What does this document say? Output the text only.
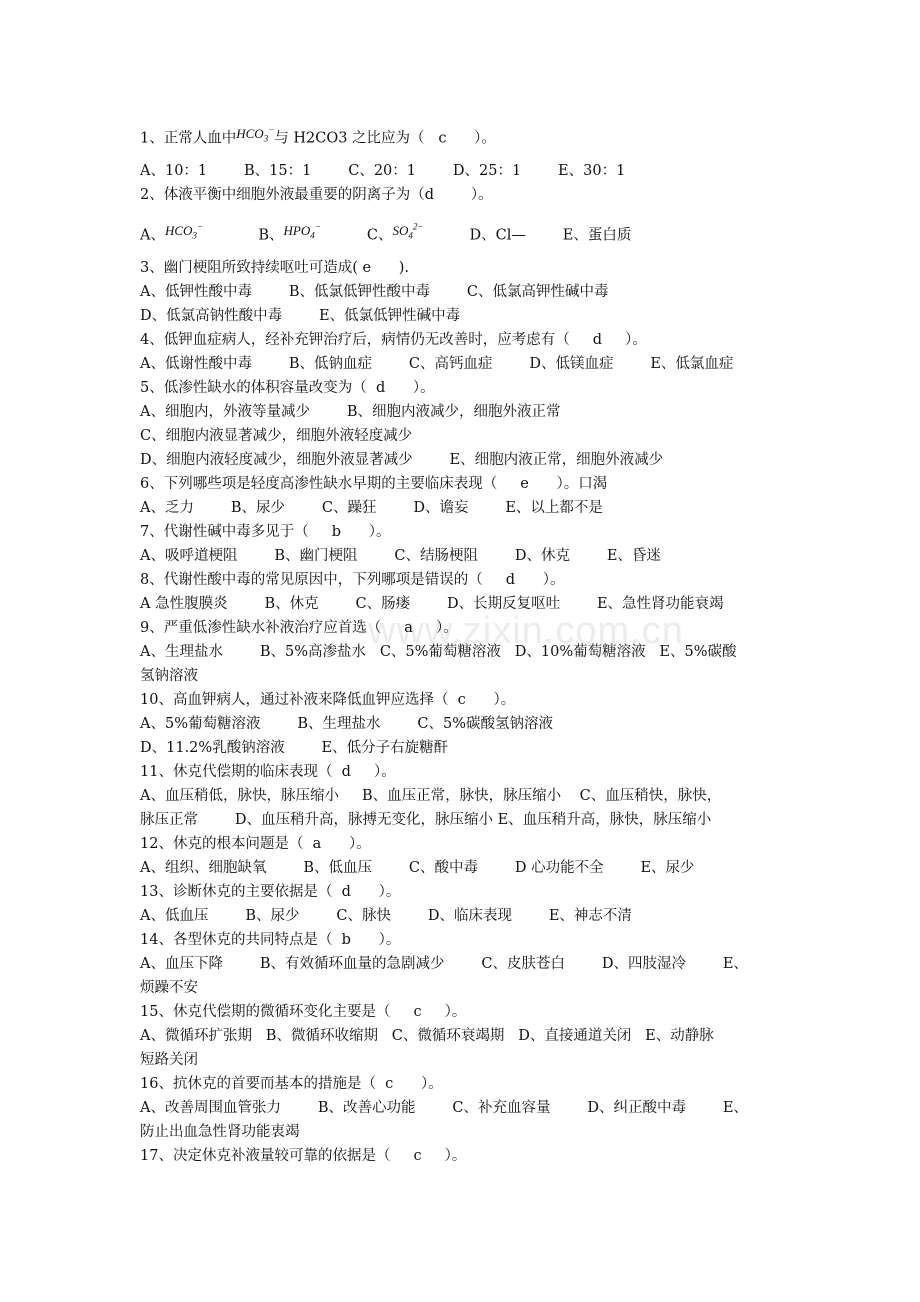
www.zixin.com.cn
1、正常人血中$HCO_3^-$与 H2CO3 之比应为（   c      ）。
A、10：1        B、15：1        C、20：1        D、25：1        E、30：1
2、体液平衡中细胞外液最重要的阴离子为（d        ）。
A、$HCO_3^-$            B、$HPO_4^-$          C、$SO_4^{2-}$          D、Cl—        E、蛋白质
3、幽门梗阻所致持续呕吐可造成( e      ).
A、低钾性酸中毒        B、低氯低钾性酸中毒        C、低氯高钾性碱中毒
D、低氯高钠性酸中毒        E、低氯低钾性碱中毒
4、低钾血症病人，经补充钾治疗后，病情仍无改善时，应考虑有（     d     ）。
A、低谢性酸中毒        B、低钠血症        C、高钙血症        D、低镁血症        E、低氯血症
5、低渗性缺水的体积容量改变为（  d      ）。
A、细胞内，外液等量减少        B、细胞内液减少，细胞外液正常
C、细胞内液显著减少，细胞外液轻度减少
D、细胞内液轻度减少，细胞外液显著减少        E、细胞内液正常，细胞外液减少
6、下列哪些项是轻度高渗性缺水早期的主要临床表现（     e      ）。口渴
A、乏力        B、尿少        C、躁狂        D、谵妄        E、以上都不是
7、代谢性碱中毒多见于（     b      ）。
A、吸呼道梗阻        B、幽门梗阻        C、结肠梗阻        D、休克        E、昏迷
8、代谢性酸中毒的常见原因中，下列哪项是错误的（     d      ）。
A 急性腹膜炎        B、休克        C、肠瘘        D、长期反复呕吐        E、急性肾功能衰竭
9、严重低渗性缺水补液治疗应首选（     a     ）。
A、生理盐水        B、5%高渗盐水   C、5%葡萄糖溶液   D、10%葡萄糖溶液   E、5%碳酸
氢钠溶液
10、高血钾病人，通过补液来降低血钾应选择（  c      ）。
A、5%葡萄糖溶液        B、生理盐水        C、5%碳酸氢钠溶液
D、11.2%乳酸钠溶液        E、低分子右旋糖酐
11、休克代偿期的临床表现（  d     ）。
A、血压稍低，脉快，脉压缩小     B、血压正常，脉快，脉压缩小    C、血压稍快，脉快，
脉压正常        D、血压稍升高，脉搏无变化，脉压缩小 E、血压稍升高，脉快，脉压缩小
12、休克的根本问题是（  a      ）。
A、组织、细胞缺氧        B、低血压        C、酸中毒        D 心功能不全        E、尿少
13、诊断休克的主要依据是（  d      ）。
A、低血压        B、尿少        C、脉快        D、临床表现        E、神志不清
14、各型休克的共同特点是（  b      ）。
A、血压下降        B、有效循环血量的急剧减少        C、皮肤苍白        D、四肢湿冷        E、
烦躁不安
15、休克代偿期的微循环变化主要是（     c     ）。
A、微循环扩张期   B、微循环收缩期   C、微循环衰竭期   D、直接通道关闭   E、动静脉
短路关闭
16、抗休克的首要而基本的措施是（  c      ）。
A、改善周围血管张力        B、改善心功能        C、补充血容量        D、纠正酸中毒        E、
防止出血急性肾功能衷竭
17、决定休克补液量较可靠的依据是（     c     ）。
